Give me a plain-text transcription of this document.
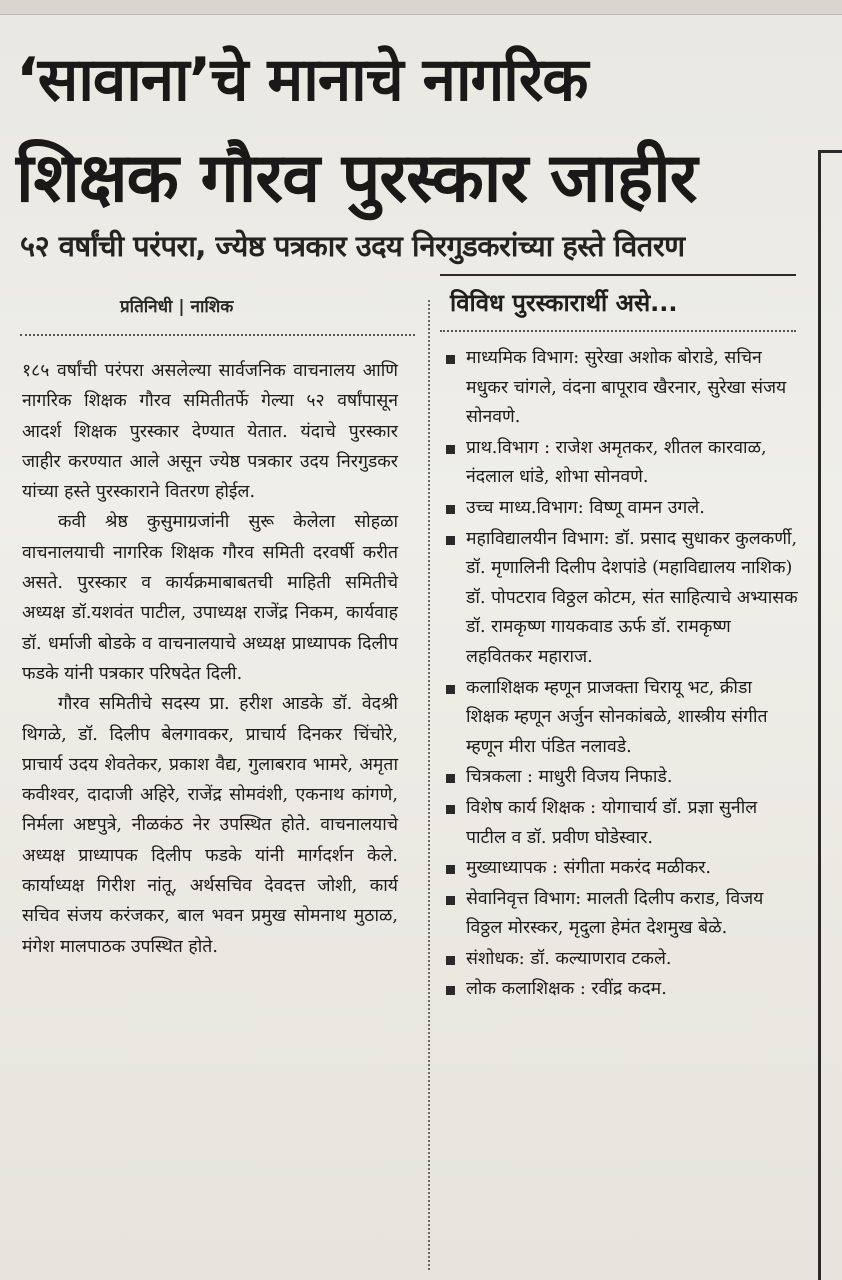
‘सावाना’चे मानाचे नागरिक
शिक्षक गौरव पुरस्कार जाहीर
५२ वर्षांची परंपरा, ज्येष्ठ पत्रकार उदय निरगुडकरांच्या हस्ते वितरण
प्रतिनिधी | नाशिक	विविध पुरस्कारार्थी असे...

१८५ वर्षांची परंपरा असलेल्या सार्वजनिक वाचनालय आणि नागरिक शिक्षक गौरव समितीतर्फे गेल्या ५२ वर्षांपासून आदर्श शिक्षक पुरस्कार देण्यात येतात. यंदाचे पुरस्कार जाहीर करण्यात आले असून ज्येष्ठ पत्रकार उदय निरगुडकर यांच्या हस्ते पुरस्काराने वितरण होईल.

कवी श्रेष्ठ कुसुमाग्रजांनी सुरू केलेला सोहळा वाचनालयाची नागरिक शिक्षक गौरव समिती दरवर्षी करीत असते. पुरस्कार व कार्यक्रमाबाबतची माहिती समितीचे अध्यक्ष डॉ.यशवंत पाटील, उपाध्यक्ष राजेंद्र निकम, कार्यवाह डॉ. धर्माजी बोडके व वाचनालयाचे अध्यक्ष प्राध्यापक दिलीप फडके यांनी पत्रकार परिषदेत दिली.

गौरव समितीचे सदस्य प्रा. हरीश आडके डॉ. वेदश्री थिगळे, डॉ. दिलीप बेलगावकर, प्राचार्य दिनकर चिंचोरे, प्राचार्य उदय शेवतेकर, प्रकाश वैद्य, गुलाबराव भामरे, अमृता कवीश्वर, दादाजी अहिरे, राजेंद्र सोमवंशी, एकनाथ कांगणे, निर्मला अष्टपुत्रे, नीळकंठ नेर उपस्थित होते. वाचनालयाचे अध्यक्ष प्राध्यापक दिलीप फडके यांनी मार्गदर्शन केले. कार्याध्यक्ष गिरीश नांतू, अर्थसचिव देवदत्त जोशी, कार्य सचिव संजय करंजकर, बाल भवन प्रमुख सोमनाथ मुठाळ, मंगेश मालपाठक उपस्थित होते.

माध्यमिक विभाग: सुरेखा अशोक बोराडे, सचिन मधुकर चांगले, वंदना बापूराव खैरनार, सुरेखा संजय सोनवणे.

प्राथ.विभाग : राजेश अमृतकर, शीतल कारवाळ, नंदलाल धांडे, शोभा सोनवणे.

उच्च माध्य.विभाग: विष्णू वामन उगले.

महाविद्यालयीन विभाग: डॉ. प्रसाद सुधाकर कुलकर्णी, डॉ. मृणालिनी दिलीप देशपांडे (महाविद्यालय नाशिक) डॉ. पोपटराव विठ्ठल कोटम, संत साहित्याचे अभ्यासक डॉ. रामकृष्ण गायकवाड ऊर्फ डॉ. रामकृष्ण लहवितकर महाराज.

कलाशिक्षक म्हणून प्राजक्ता चिरायू भट, क्रीडा शिक्षक म्हणून अर्जुन सोनकांबळे, शास्त्रीय संगीत म्हणून मीरा पंडित नलावडे.

चित्रकला : माधुरी विजय निफाडे.

विशेष कार्य शिक्षक : योगाचार्य डॉ. प्रज्ञा सुनील पाटील व डॉ. प्रवीण घोडेस्वार.

मुख्याध्यापक : संगीता मकरंद मळीकर.

सेवानिवृत्त विभाग: मालती दिलीप कराड, विजय विठ्ठल मोरस्कर, मृदुला हेमंत देशमुख बेळे.

संशोधक: डॉ. कल्याणराव टकले.

लोक कलाशिक्षक : रवींद्र कदम.
